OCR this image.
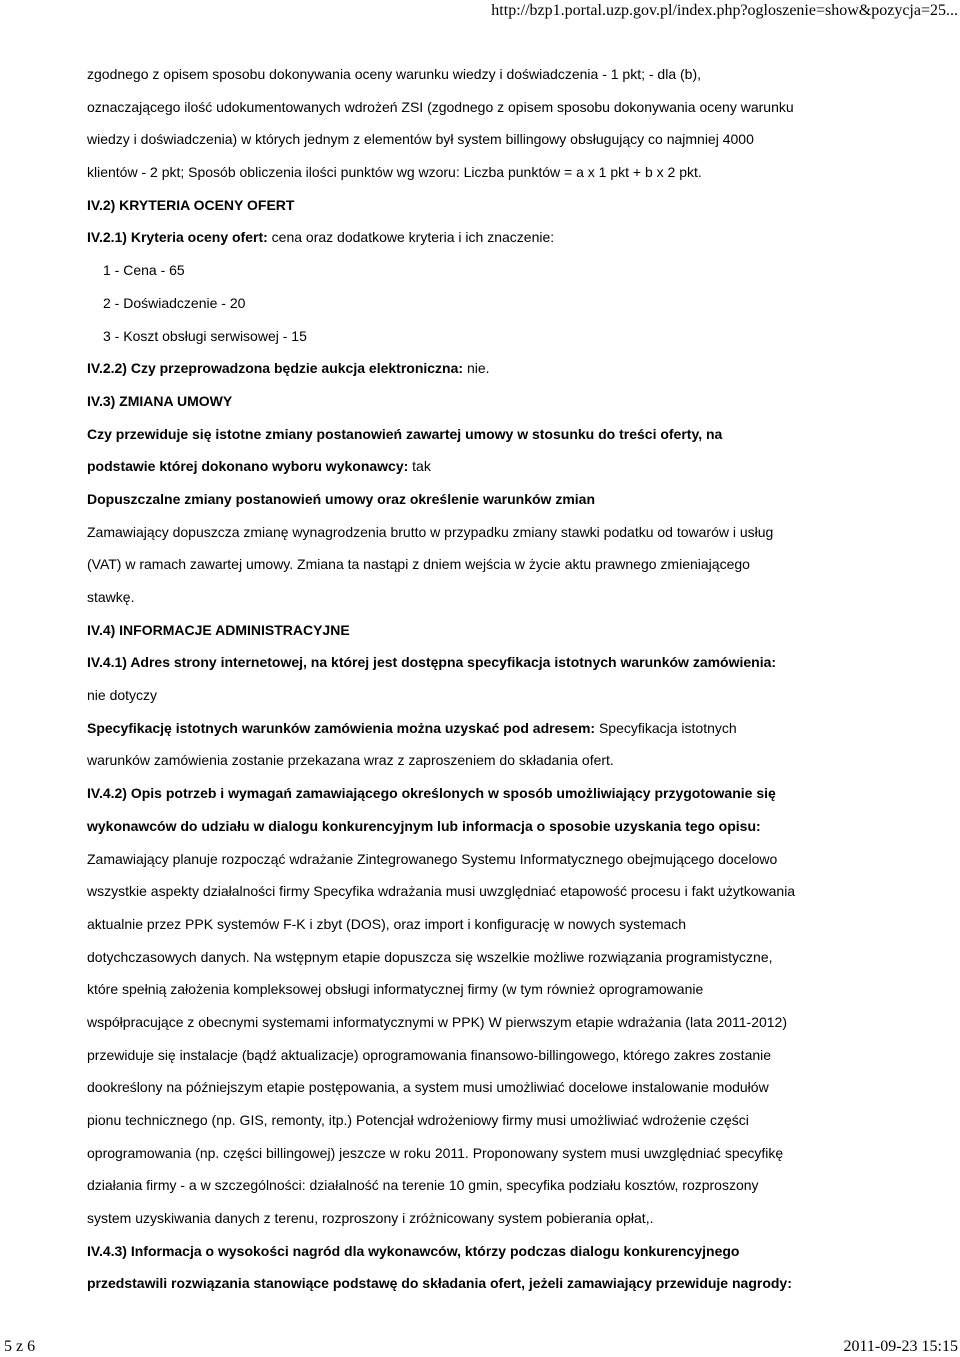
http://bzp1.portal.uzp.gov.pl/index.php?ogloszenie=show&pozycja=25...
zgodnego z opisem sposobu dokonywania oceny warunku wiedzy i doświadczenia - 1 pkt; - dla (b),
oznaczającego ilość udokumentowanych wdrożeń ZSI (zgodnego z opisem sposobu dokonywania oceny warunku
wiedzy i doświadczenia) w których jednym z elementów był system billingowy obsługujący co najmniej 4000
klientów - 2 pkt; Sposób obliczenia ilości punktów wg wzoru: Liczba punktów = a x 1 pkt + b x 2 pkt.
IV.2) KRYTERIA OCENY OFERT
IV.2.1) Kryteria oceny ofert: cena oraz dodatkowe kryteria i ich znaczenie:
1 - Cena - 65
2 - Doświadczenie - 20
3 - Koszt obsługi serwisowej - 15
IV.2.2) Czy przeprowadzona będzie aukcja elektroniczna: nie.
IV.3) ZMIANA UMOWY
Czy przewiduje się istotne zmiany postanowień zawartej umowy w stosunku do treści oferty, na
podstawie której dokonano wyboru wykonawcy: tak
Dopuszczalne zmiany postanowień umowy oraz określenie warunków zmian
Zamawiający dopuszcza zmianę wynagrodzenia brutto w przypadku zmiany stawki podatku od towarów i usług
(VAT) w ramach zawartej umowy. Zmiana ta nastąpi z dniem wejścia w życie aktu prawnego zmieniającego
stawkę.
IV.4) INFORMACJE ADMINISTRACYJNE
IV.4.1) Adres strony internetowej, na której jest dostępna specyfikacja istotnych warunków zamówienia:
nie dotyczy
Specyfikację istotnych warunków zamówienia można uzyskać pod adresem: Specyfikacja istotnych
warunków zamówienia zostanie przekazana wraz z zaproszeniem do składania ofert.
IV.4.2) Opis potrzeb i wymagań zamawiającego określonych w sposób umożliwiający przygotowanie się
wykonawców do udziału w dialogu konkurencyjnym lub informacja o sposobie uzyskania tego opisu:
Zamawiający planuje rozpocząć wdrażanie Zintegrowanego Systemu Informatycznego obejmującego docelowo
wszystkie aspekty działalności firmy Specyfika wdrażania musi uwzględniać etapowość procesu i fakt użytkowania
aktualnie przez PPK systemów F-K i zbyt (DOS), oraz import i konfigurację w nowych systemach
dotychczasowych danych. Na wstępnym etapie dopuszcza się wszelkie możliwe rozwiązania programistyczne,
które spełnią założenia kompleksowej obsługi informatycznej firmy (w tym również oprogramowanie
współpracujące z obecnymi systemami informatycznymi w PPK) W pierwszym etapie wdrażania (lata 2011-2012)
przewiduje się instalacje (bądź aktualizacje) oprogramowania finansowo-billingowego, którego zakres zostanie
dookreślony na późniejszym etapie postępowania, a system musi umożliwiać docelowe instalowanie modułów
pionu technicznego (np. GIS, remonty, itp.) Potencjał wdrożeniowy firmy musi umożliwiać wdrożenie części
oprogramowania (np. części billingowej) jeszcze w roku 2011. Proponowany system musi uwzględniać specyfikę
działania firmy - a w szczególności: działalność na terenie 10 gmin, specyfika podziału kosztów, rozproszony
system uzyskiwania danych z terenu, rozproszony i zróżnicowany system pobierania opłat,.
IV.4.3) Informacja o wysokości nagród dla wykonawców, którzy podczas dialogu konkurencyjnego
przedstawili rozwiązania stanowiące podstawę do składania ofert, jeżeli zamawiający przewiduje nagrody:
5 z 6	2011-09-23 15:15
